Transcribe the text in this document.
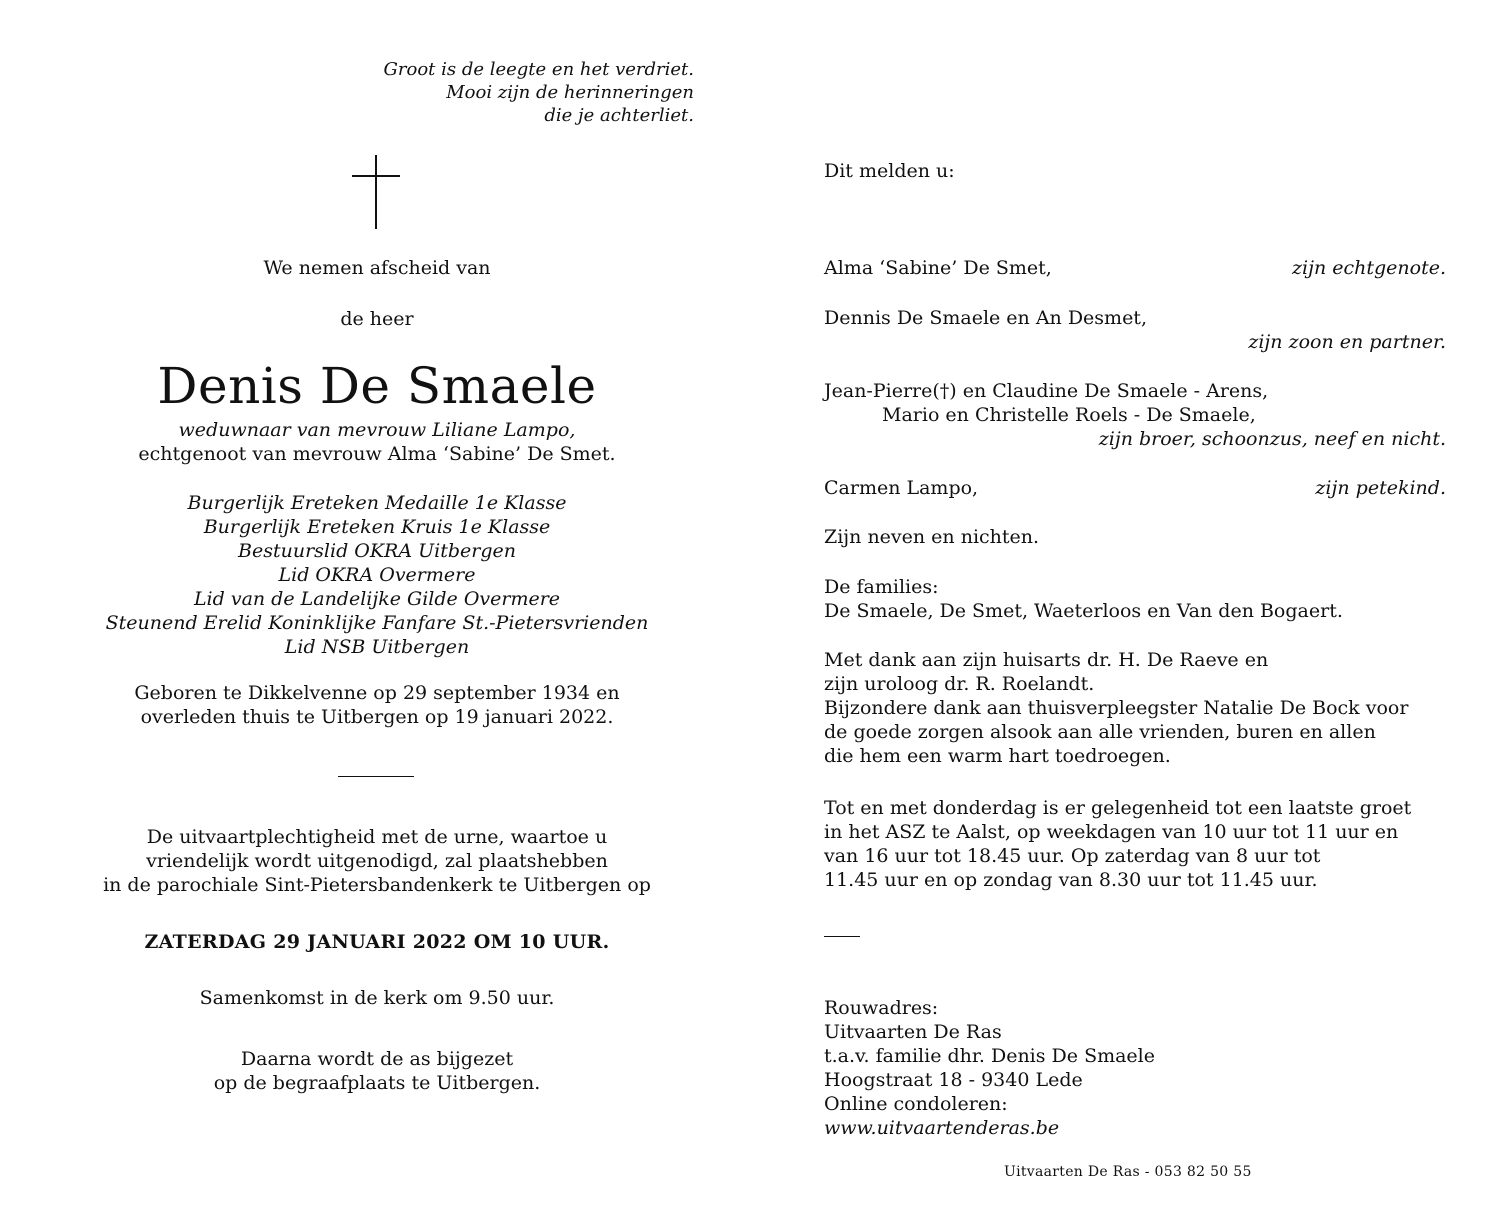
Groot is de leegte en het verdriet.
Mooi zijn de herinneringen
die je achterliet.
We nemen afscheid van
de heer
Denis De Smaele
weduwnaar van mevrouw Liliane Lampo,
echtgenoot van mevrouw Alma ‘Sabine’ De Smet.
Burgerlijk Ereteken Medaille 1e Klasse
Burgerlijk Ereteken Kruis 1e Klasse
Bestuurslid OKRA Uitbergen
Lid OKRA Overmere
Lid van de Landelijke Gilde Overmere
Steunend Erelid Koninklijke Fanfare St.-Pietersvrienden
Lid NSB Uitbergen
Geboren te Dikkelvenne op 29 september 1934 en
overleden thuis te Uitbergen op 19 januari 2022.
De uitvaartplechtigheid met de urne, waartoe u
vriendelijk wordt uitgenodigd, zal plaatshebben
in de parochiale Sint-Pietersbandenkerk te Uitbergen op
ZATERDAG 29 JANUARI 2022 OM 10 UUR.
Samenkomst in de kerk om 9.50 uur.
Daarna wordt de as bijgezet
op de begraafplaats te Uitbergen.
Dit melden u:
Alma ‘Sabine’ De Smet,	zijn echtgenote.
Dennis De Smaele en An Desmet,
zijn zoon en partner.
Jean-Pierre(†) en Claudine De Smaele - Arens,
Mario en Christelle Roels - De Smaele,
zijn broer, schoonzus, neef en nicht.
Carmen Lampo,	zijn petekind.
Zijn neven en nichten.
De families:
De Smaele, De Smet, Waeterloos en Van den Bogaert.
Met dank aan zijn huisarts dr. H. De Raeve en
zijn uroloog dr. R. Roelandt.
Bijzondere dank aan thuisverpleegster Natalie De Bock voor
de goede zorgen alsook aan alle vrienden, buren en allen
die hem een warm hart toedroegen.
Tot en met donderdag is er gelegenheid tot een laatste groet
in het ASZ te Aalst, op weekdagen van 10 uur tot 11 uur en
van 16 uur tot 18.45 uur. Op zaterdag van 8 uur tot
11.45 uur en op zondag van 8.30 uur tot 11.45 uur.
Rouwadres:
Uitvaarten De Ras
t.a.v. familie dhr. Denis De Smaele
Hoogstraat 18 - 9340 Lede
Online condoleren:
www.uitvaartenderas.be
Uitvaarten De Ras - 053 82 50 55
